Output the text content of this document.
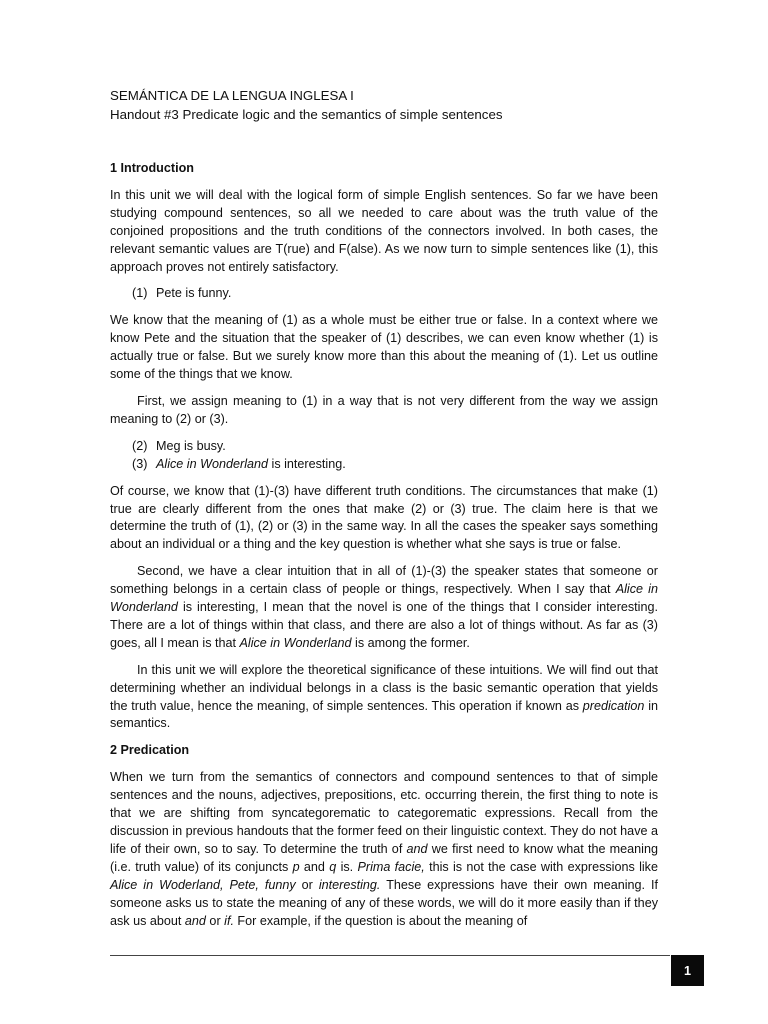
SEMÁNTICA DE LA LENGUA INGLESA I

Handout #3 Predicate logic and the semantics of simple sentences

1 Introduction

In this unit we will deal with the logical form of simple English sentences. So far we have been studying compound sentences, so all we needed to care about was the truth value of the conjoined propositions and the truth conditions of the connectors involved. In both cases, the relevant semantic values are T(rue) and F(alse). As we now turn to simple sentences like (1), this approach proves not entirely satisfactory.

(1) Pete is funny.

We know that the meaning of (1) as a whole must be either true or false. In a context where we know Pete and the situation that the speaker of (1) describes, we can even know whether (1) is actually true or false. But we surely know more than this about the meaning of (1). Let us outline some of the things that we know.

First, we assign meaning to (1) in a way that is not very different from the way we assign meaning to (2) or (3).

(2) Meg is busy.
(3) Alice in Wonderland is interesting.

Of course, we know that (1)-(3) have different truth conditions. The circumstances that make (1) true are clearly different from the ones that make (2) or (3) true. The claim here is that we determine the truth of (1), (2) or (3) in the same way. In all the cases the speaker says something about an individual or a thing and the key question is whether what she says is true or false.

Second, we have a clear intuition that in all of (1)-(3) the speaker states that someone or something belongs in a certain class of people or things, respectively. When I say that Alice in Wonderland is interesting, I mean that the novel is one of the things that I consider interesting. There are a lot of things within that class, and there are also a lot of things without. As far as (3) goes, all I mean is that Alice in Wonderland is among the former.

In this unit we will explore the theoretical significance of these intuitions. We will find out that determining whether an individual belongs in a class is the basic semantic operation that yields the truth value, hence the meaning, of simple sentences. This operation if known as predication in semantics.

2 Predication

When we turn from the semantics of connectors and compound sentences to that of simple sentences and the nouns, adjectives, prepositions, etc. occurring therein, the first thing to note is that we are shifting from syncategorematic to categorematic expressions. Recall from the discussion in previous handouts that the former feed on their linguistic context. They do not have a life of their own, so to say. To determine the truth of and we first need to know what the meaning (i.e. truth value) of its conjuncts p and q is. Prima facie, this is not the case with expressions like Alice in Woderland, Pete, funny or interesting. These expressions have their own meaning. If someone asks us to state the meaning of any of these words, we will do it more easily than if they ask us about and or if. For example, if the question is about the meaning of

1
